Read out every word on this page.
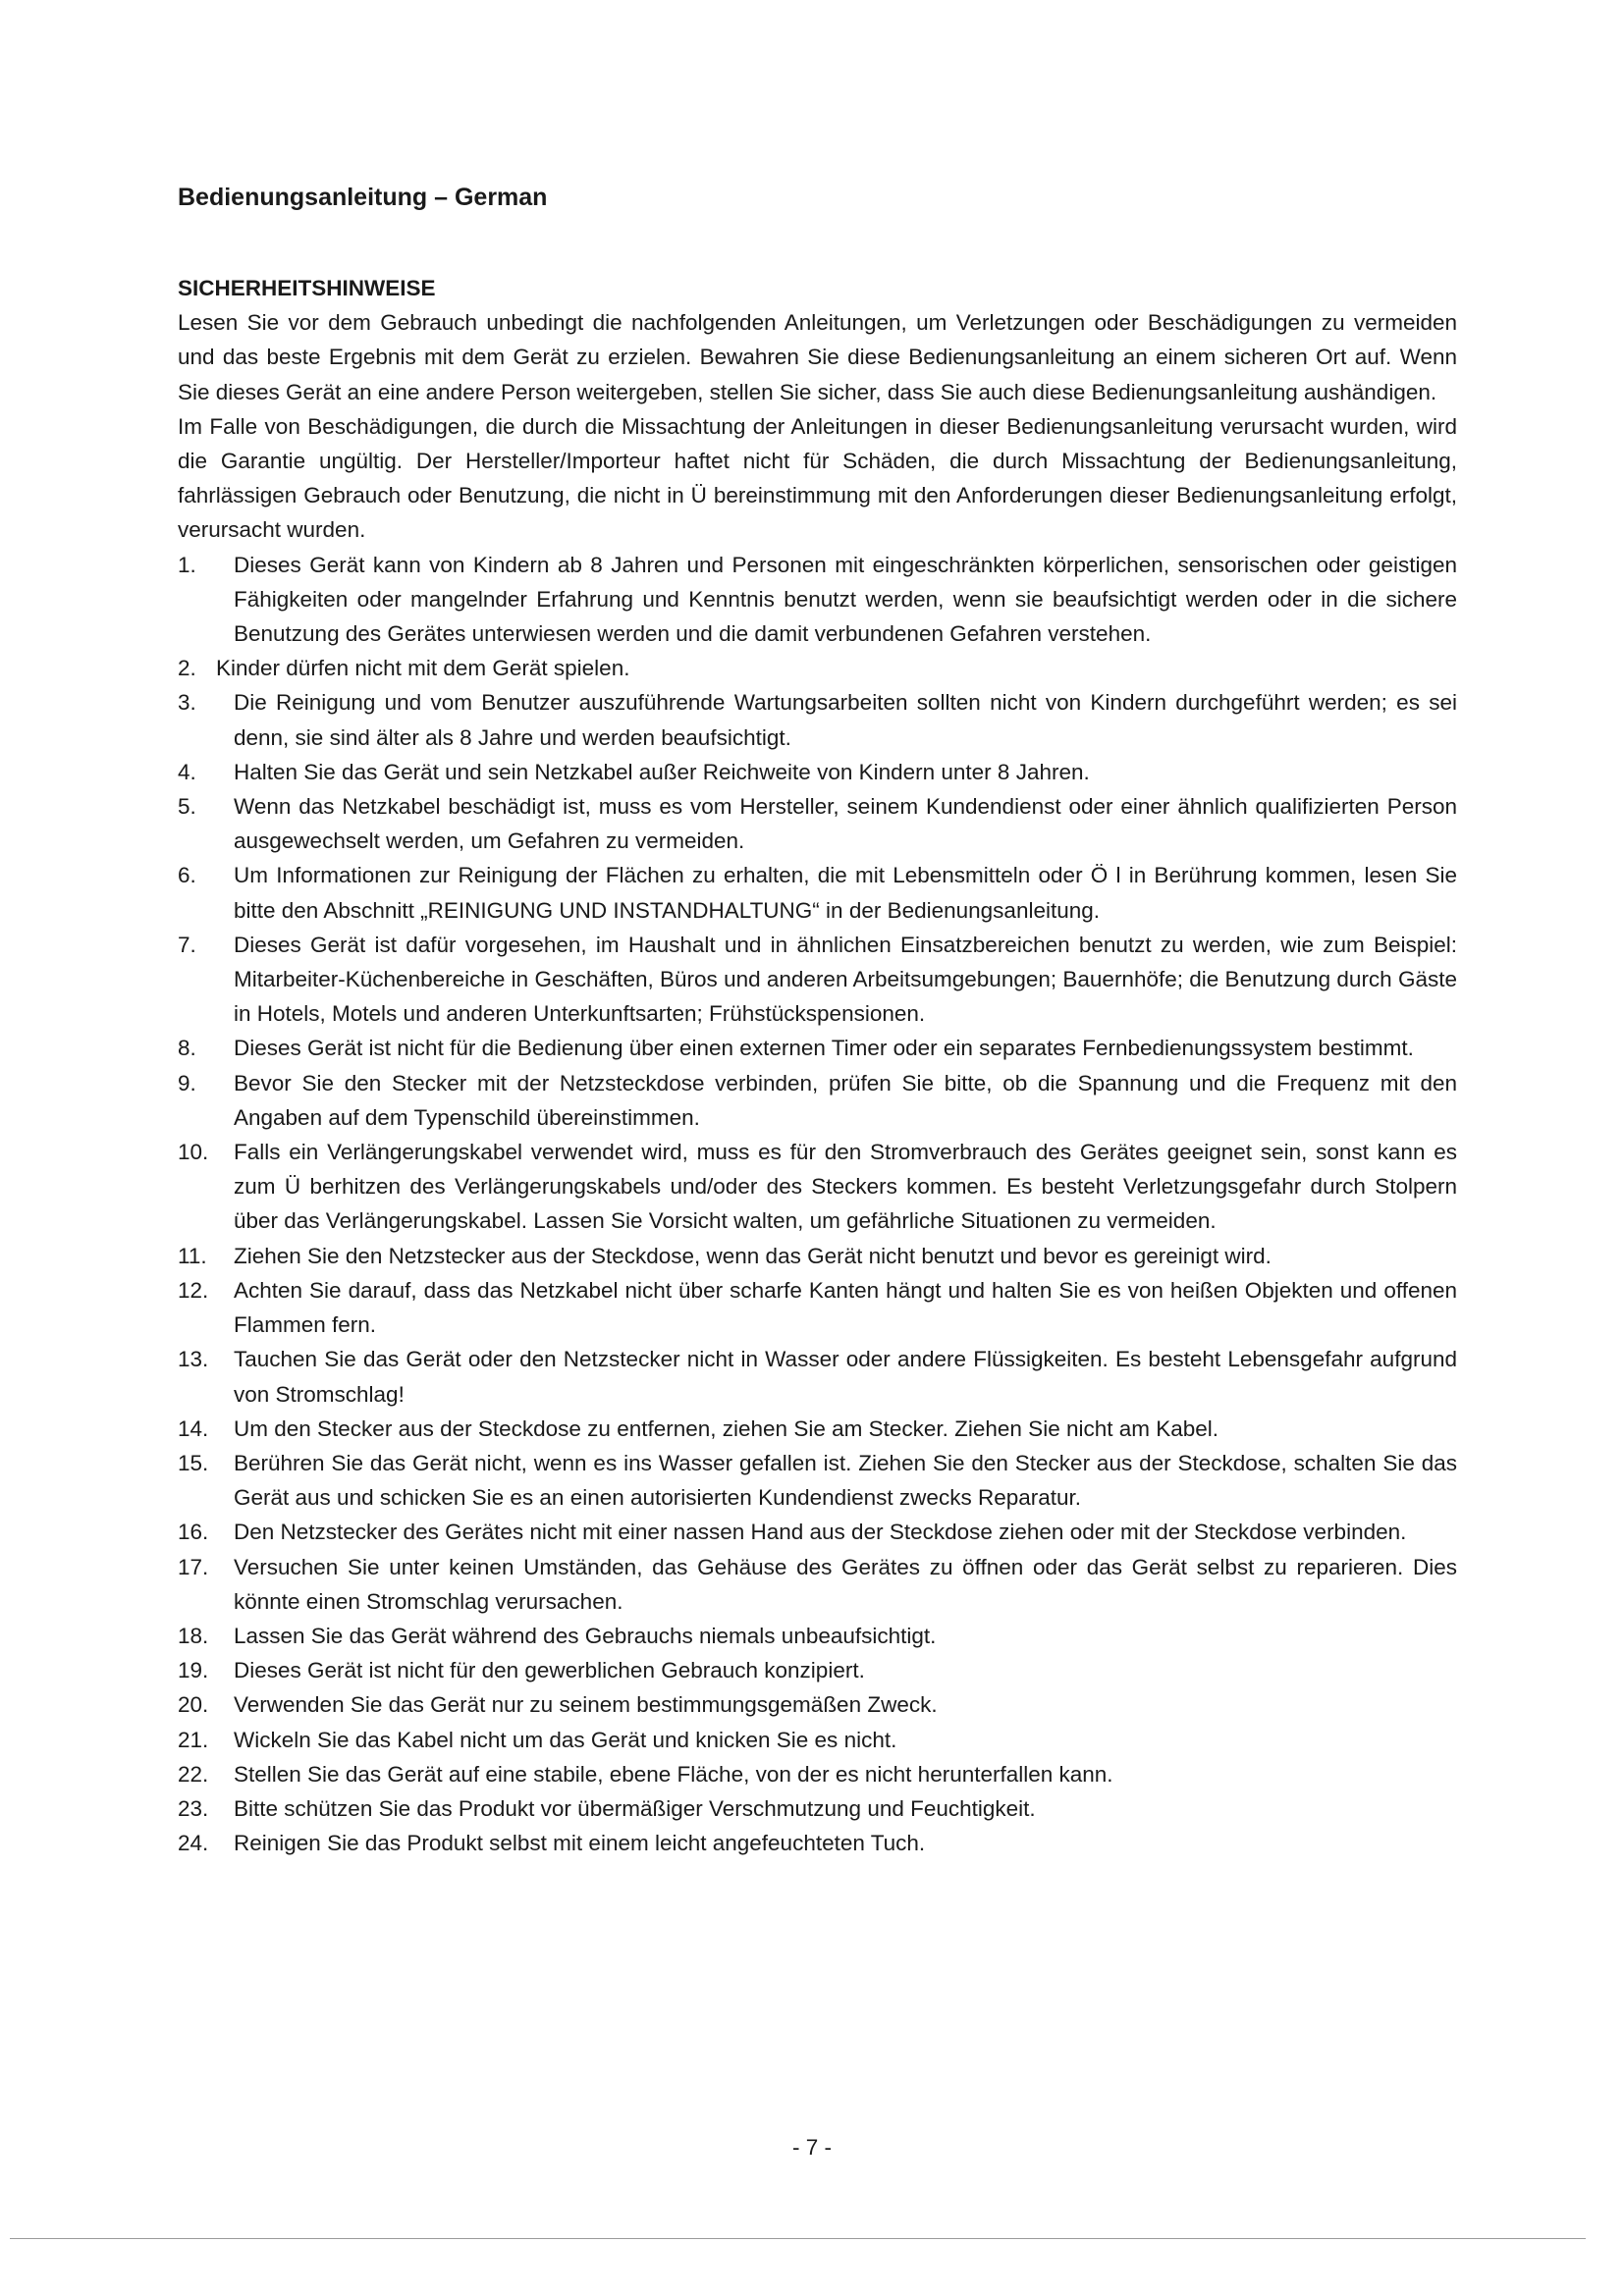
Bedienungsanleitung – German
SICHERHEITSHINWEISE

Lesen Sie vor dem Gebrauch unbedingt die nachfolgenden Anleitungen, um Verletzungen oder Beschädigungen zu vermeiden und das beste Ergebnis mit dem Gerät zu erzielen. Bewahren Sie diese Bedienungsanleitung an einem sicheren Ort auf. Wenn Sie dieses Gerät an eine andere Person weitergeben, stellen Sie sicher, dass Sie auch diese Bedienungsanleitung aushändigen.

Im Falle von Beschädigungen, die durch die Missachtung der Anleitungen in dieser Bedienungsanleitung verursacht wurden, wird die Garantie ungültig. Der Hersteller/Importeur haftet nicht für Schäden, die durch Missachtung der Bedienungsanleitung, fahrlässigen Gebrauch oder Benutzung, die nicht in Ü bereinstimmung mit den Anforderungen dieser Bedienungsanleitung erfolgt, verursacht wurden.

1.	Dieses Gerät kann von Kindern ab 8 Jahren und Personen mit eingeschränkten körperlichen, sensorischen oder geistigen Fähigkeiten oder mangelnder Erfahrung und Kenntnis benutzt werden, wenn sie beaufsichtigt werden oder in die sichere Benutzung des Gerätes unterwiesen werden und die damit verbundenen Gefahren verstehen.
2. Kinder dürfen nicht mit dem Gerät spielen.
3.	Die Reinigung und vom Benutzer auszuführende Wartungsarbeiten sollten nicht von Kindern durchgeführt werden; es sei denn, sie sind älter als 8 Jahre und werden beaufsichtigt.
4.	Halten Sie das Gerät und sein Netzkabel außer Reichweite von Kindern unter 8 Jahren.
5.	Wenn das Netzkabel beschädigt ist, muss es vom Hersteller, seinem Kundendienst oder einer ähnlich qualifizierten Person ausgewechselt werden, um Gefahren zu vermeiden.
6.	Um Informationen zur Reinigung der Flächen zu erhalten, die mit Lebensmitteln oder Ö l in Berührung kommen, lesen Sie bitte den Abschnitt „REINIGUNG UND INSTANDHALTUNG“ in der Bedienungsanleitung.
7.	Dieses Gerät ist dafür vorgesehen, im Haushalt und in ähnlichen Einsatzbereichen benutzt zu werden, wie zum Beispiel: Mitarbeiter-Küchenbereiche in Geschäften, Büros und anderen Arbeitsumgebungen; Bauernhöfe; die Benutzung durch Gäste in Hotels, Motels und anderen Unterkunftsarten; Frühstückspensionen.
8.	Dieses Gerät ist nicht für die Bedienung über einen externen Timer oder ein separates Fernbedienungssystem bestimmt.
9.	Bevor Sie den Stecker mit der Netzsteckdose verbinden, prüfen Sie bitte, ob die Spannung und die Frequenz mit den Angaben auf dem Typenschild übereinstimmen.
10.	Falls ein Verlängerungskabel verwendet wird, muss es für den Stromverbrauch des Gerätes geeignet sein, sonst kann es zum Ü berhitzen des Verlängerungskabels und/oder des Steckers kommen. Es besteht Verletzungsgefahr durch Stolpern über das Verlängerungskabel. Lassen Sie Vorsicht walten, um gefährliche Situationen zu vermeiden.
11.	Ziehen Sie den Netzstecker aus der Steckdose, wenn das Gerät nicht benutzt und bevor es gereinigt wird.
12.	Achten Sie darauf, dass das Netzkabel nicht über scharfe Kanten hängt und halten Sie es von heißen Objekten und offenen Flammen fern.
13.	Tauchen Sie das Gerät oder den Netzstecker nicht in Wasser oder andere Flüssigkeiten. Es besteht Lebensgefahr aufgrund von Stromschlag!
14.	Um den Stecker aus der Steckdose zu entfernen, ziehen Sie am Stecker. Ziehen Sie nicht am Kabel.
15.	Berühren Sie das Gerät nicht, wenn es ins Wasser gefallen ist. Ziehen Sie den Stecker aus der Steckdose, schalten Sie das Gerät aus und schicken Sie es an einen autorisierten Kundendienst zwecks Reparatur.
16.	Den Netzstecker des Gerätes nicht mit einer nassen Hand aus der Steckdose ziehen oder mit der Steckdose verbinden.
17.	Versuchen Sie unter keinen Umständen, das Gehäuse des Gerätes zu öffnen oder das Gerät selbst zu reparieren. Dies könnte einen Stromschlag verursachen.
18.	Lassen Sie das Gerät während des Gebrauchs niemals unbeaufsichtigt.
19.	Dieses Gerät ist nicht für den gewerblichen Gebrauch konzipiert.
20.	Verwenden Sie das Gerät nur zu seinem bestimmungsgemäßen Zweck.
21.	Wickeln Sie das Kabel nicht um das Gerät und knicken Sie es nicht.
22.	Stellen Sie das Gerät auf eine stabile, ebene Fläche, von der es nicht herunterfallen kann.
23.	Bitte schützen Sie das Produkt vor übermäßiger Verschmutzung und Feuchtigkeit.
24.	Reinigen Sie das Produkt selbst mit einem leicht angefeuchteten Tuch.
- 7 -
